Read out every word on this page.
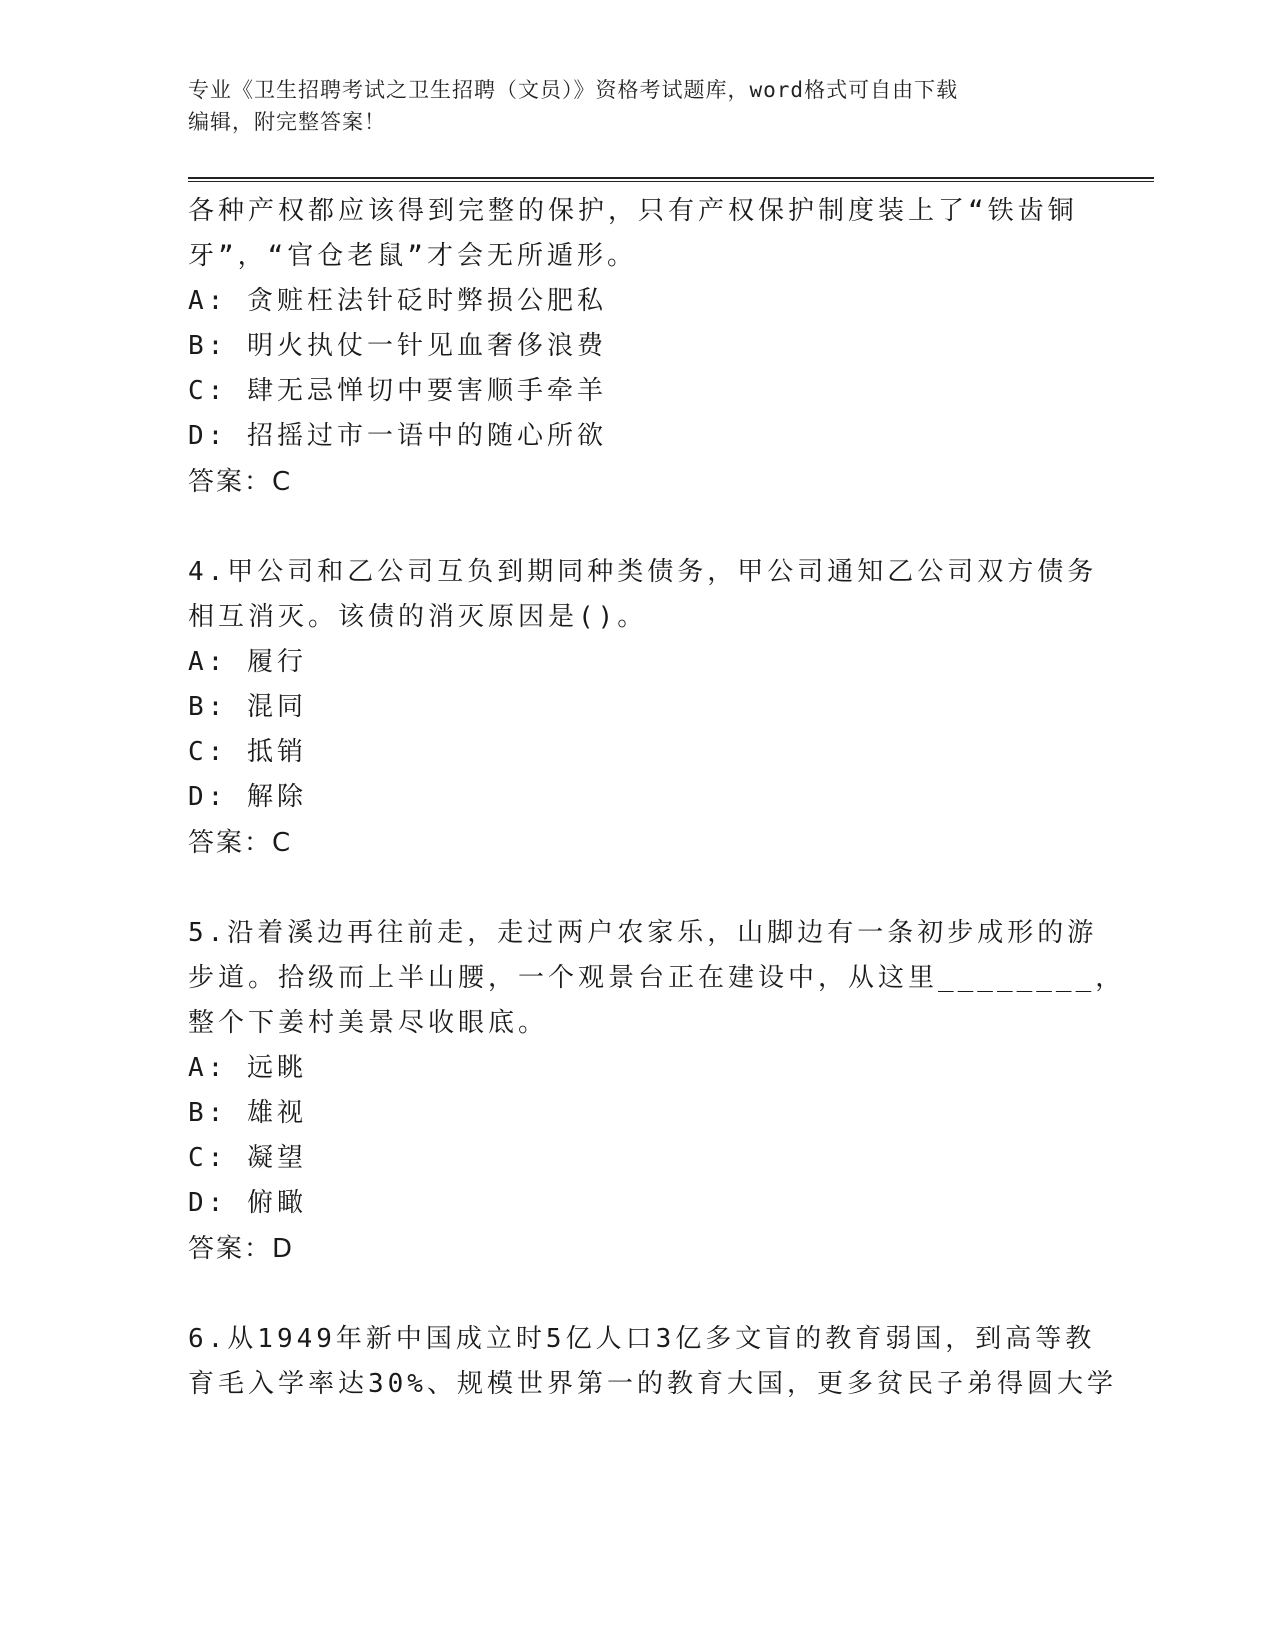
专业《卫生招聘考试之卫生招聘（文员）》资格考试题库，word格式可自由下载
编辑，附完整答案！
各种产权都应该得到完整的保护，只有产权保护制度装上了“铁齿铜
牙”，“官仓老鼠”才会无所遁形。
A: 贪赃枉法针砭时弊损公肥私
B: 明火执仗一针见血奢侈浪费
C: 肆无忌惮切中要害顺手牵羊
D: 招摇过市一语中的随心所欲
答案：C
4.甲公司和乙公司互负到期同种类债务，甲公司通知乙公司双方债务
相互消灭。该债的消灭原因是()。
A: 履行
B: 混同
C: 抵销
D: 解除
答案：C
5.沿着溪边再往前走，走过两户农家乐，山脚边有一条初步成形的游
步道。拾级而上半山腰，一个观景台正在建设中，从这里________，
整个下姜村美景尽收眼底。
A: 远眺
B: 雄视
C: 凝望
D: 俯瞰
答案：D
6.从1949年新中国成立时5亿人口3亿多文盲的教育弱国，到高等教
育毛入学率达30%、规模世界第一的教育大国，更多贫民子弟得圆大学
